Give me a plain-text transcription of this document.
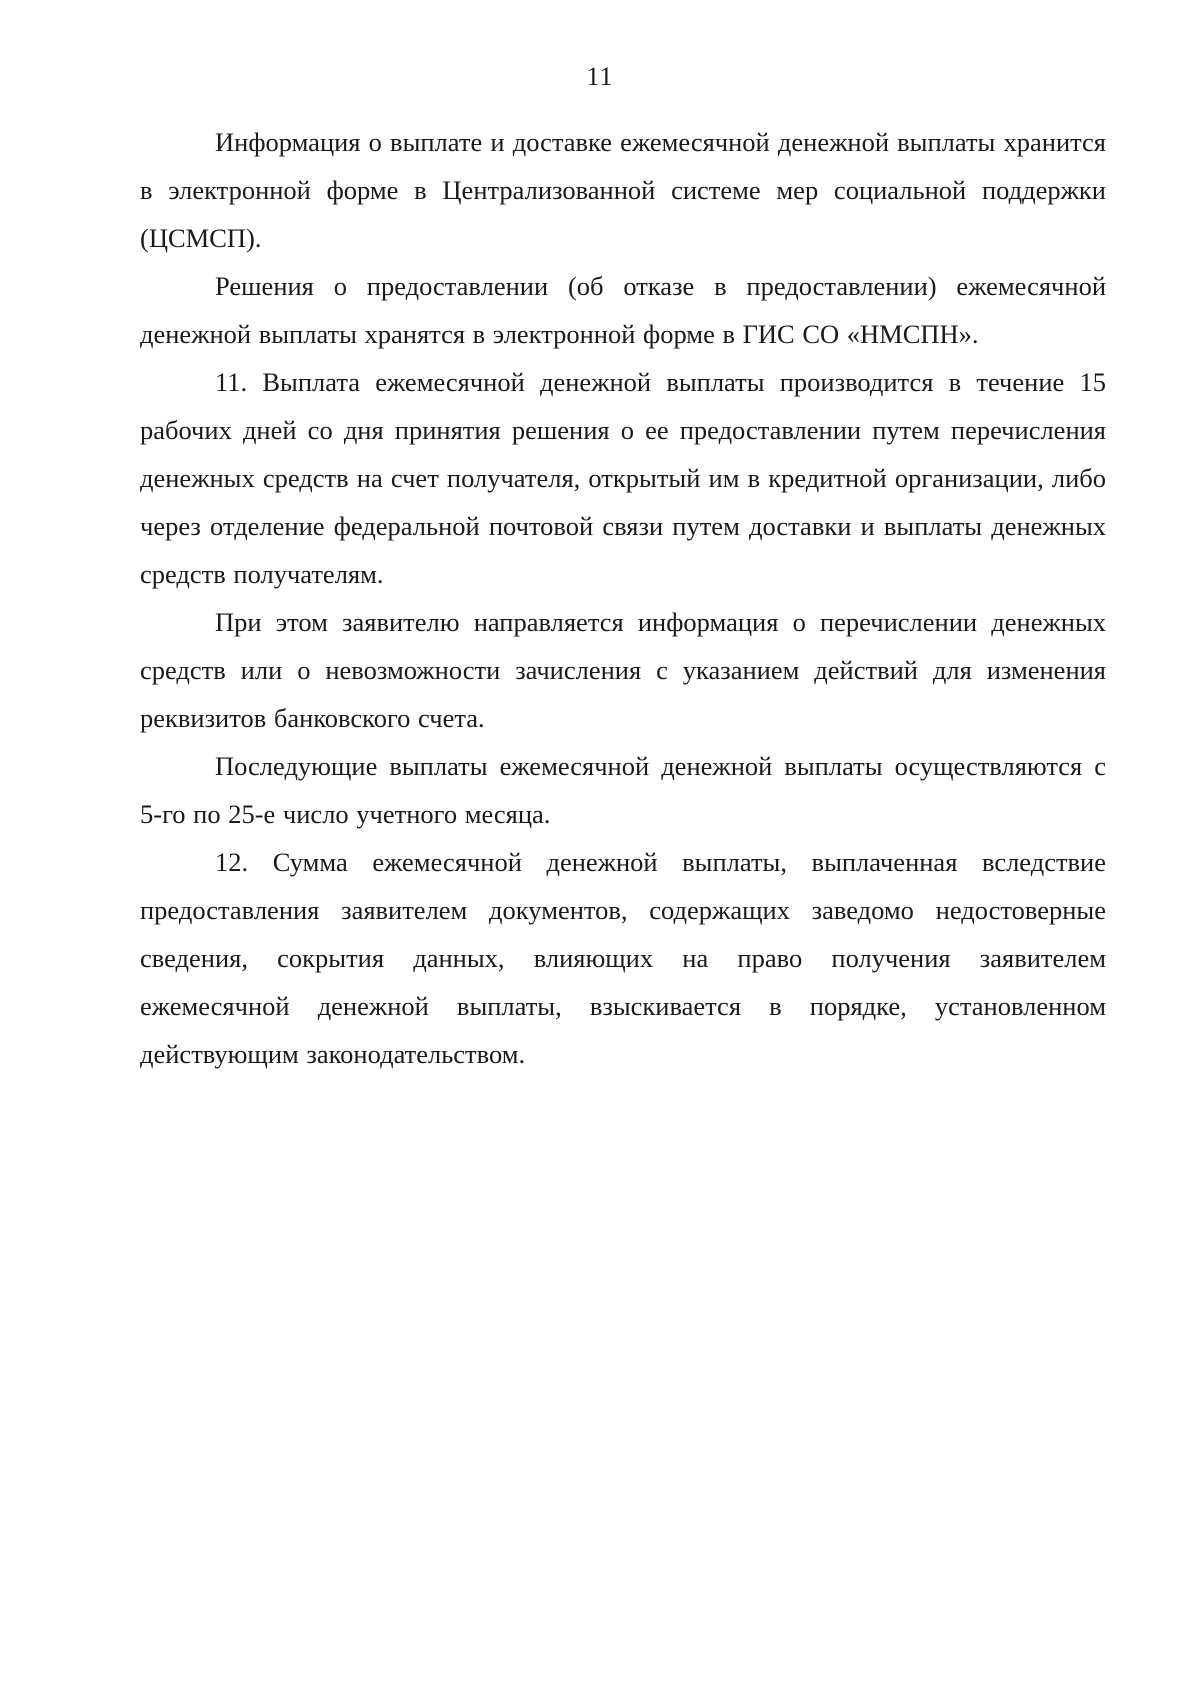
11

Информация о выплате и доставке ежемесячной денежной выплаты хранится в электронной форме в Централизованной системе мер социальной поддержки (ЦСМСП).

Решения о предоставлении (об отказе в предоставлении) ежемесячной денежной выплаты хранятся в электронной форме в ГИС СО «НМСПН».

11. Выплата ежемесячной денежной выплаты производится в течение 15 рабочих дней со дня принятия решения о ее предоставлении путем перечисления денежных средств на счет получателя, открытый им в кредитной организации, либо через отделение федеральной почтовой связи путем доставки и выплаты денежных средств получателям.

При этом заявителю направляется информация о перечислении денежных средств или о невозможности зачисления с указанием действий для изменения реквизитов банковского счета.

Последующие выплаты ежемесячной денежной выплаты осуществляются с 5-го по 25-е число учетного месяца.

12. Сумма ежемесячной денежной выплаты, выплаченная вследствие предоставления заявителем документов, содержащих заведомо недостоверные сведения, сокрытия данных, влияющих на право получения заявителем ежемесячной денежной выплаты, взыскивается в порядке, установленном действующим законодательством.
